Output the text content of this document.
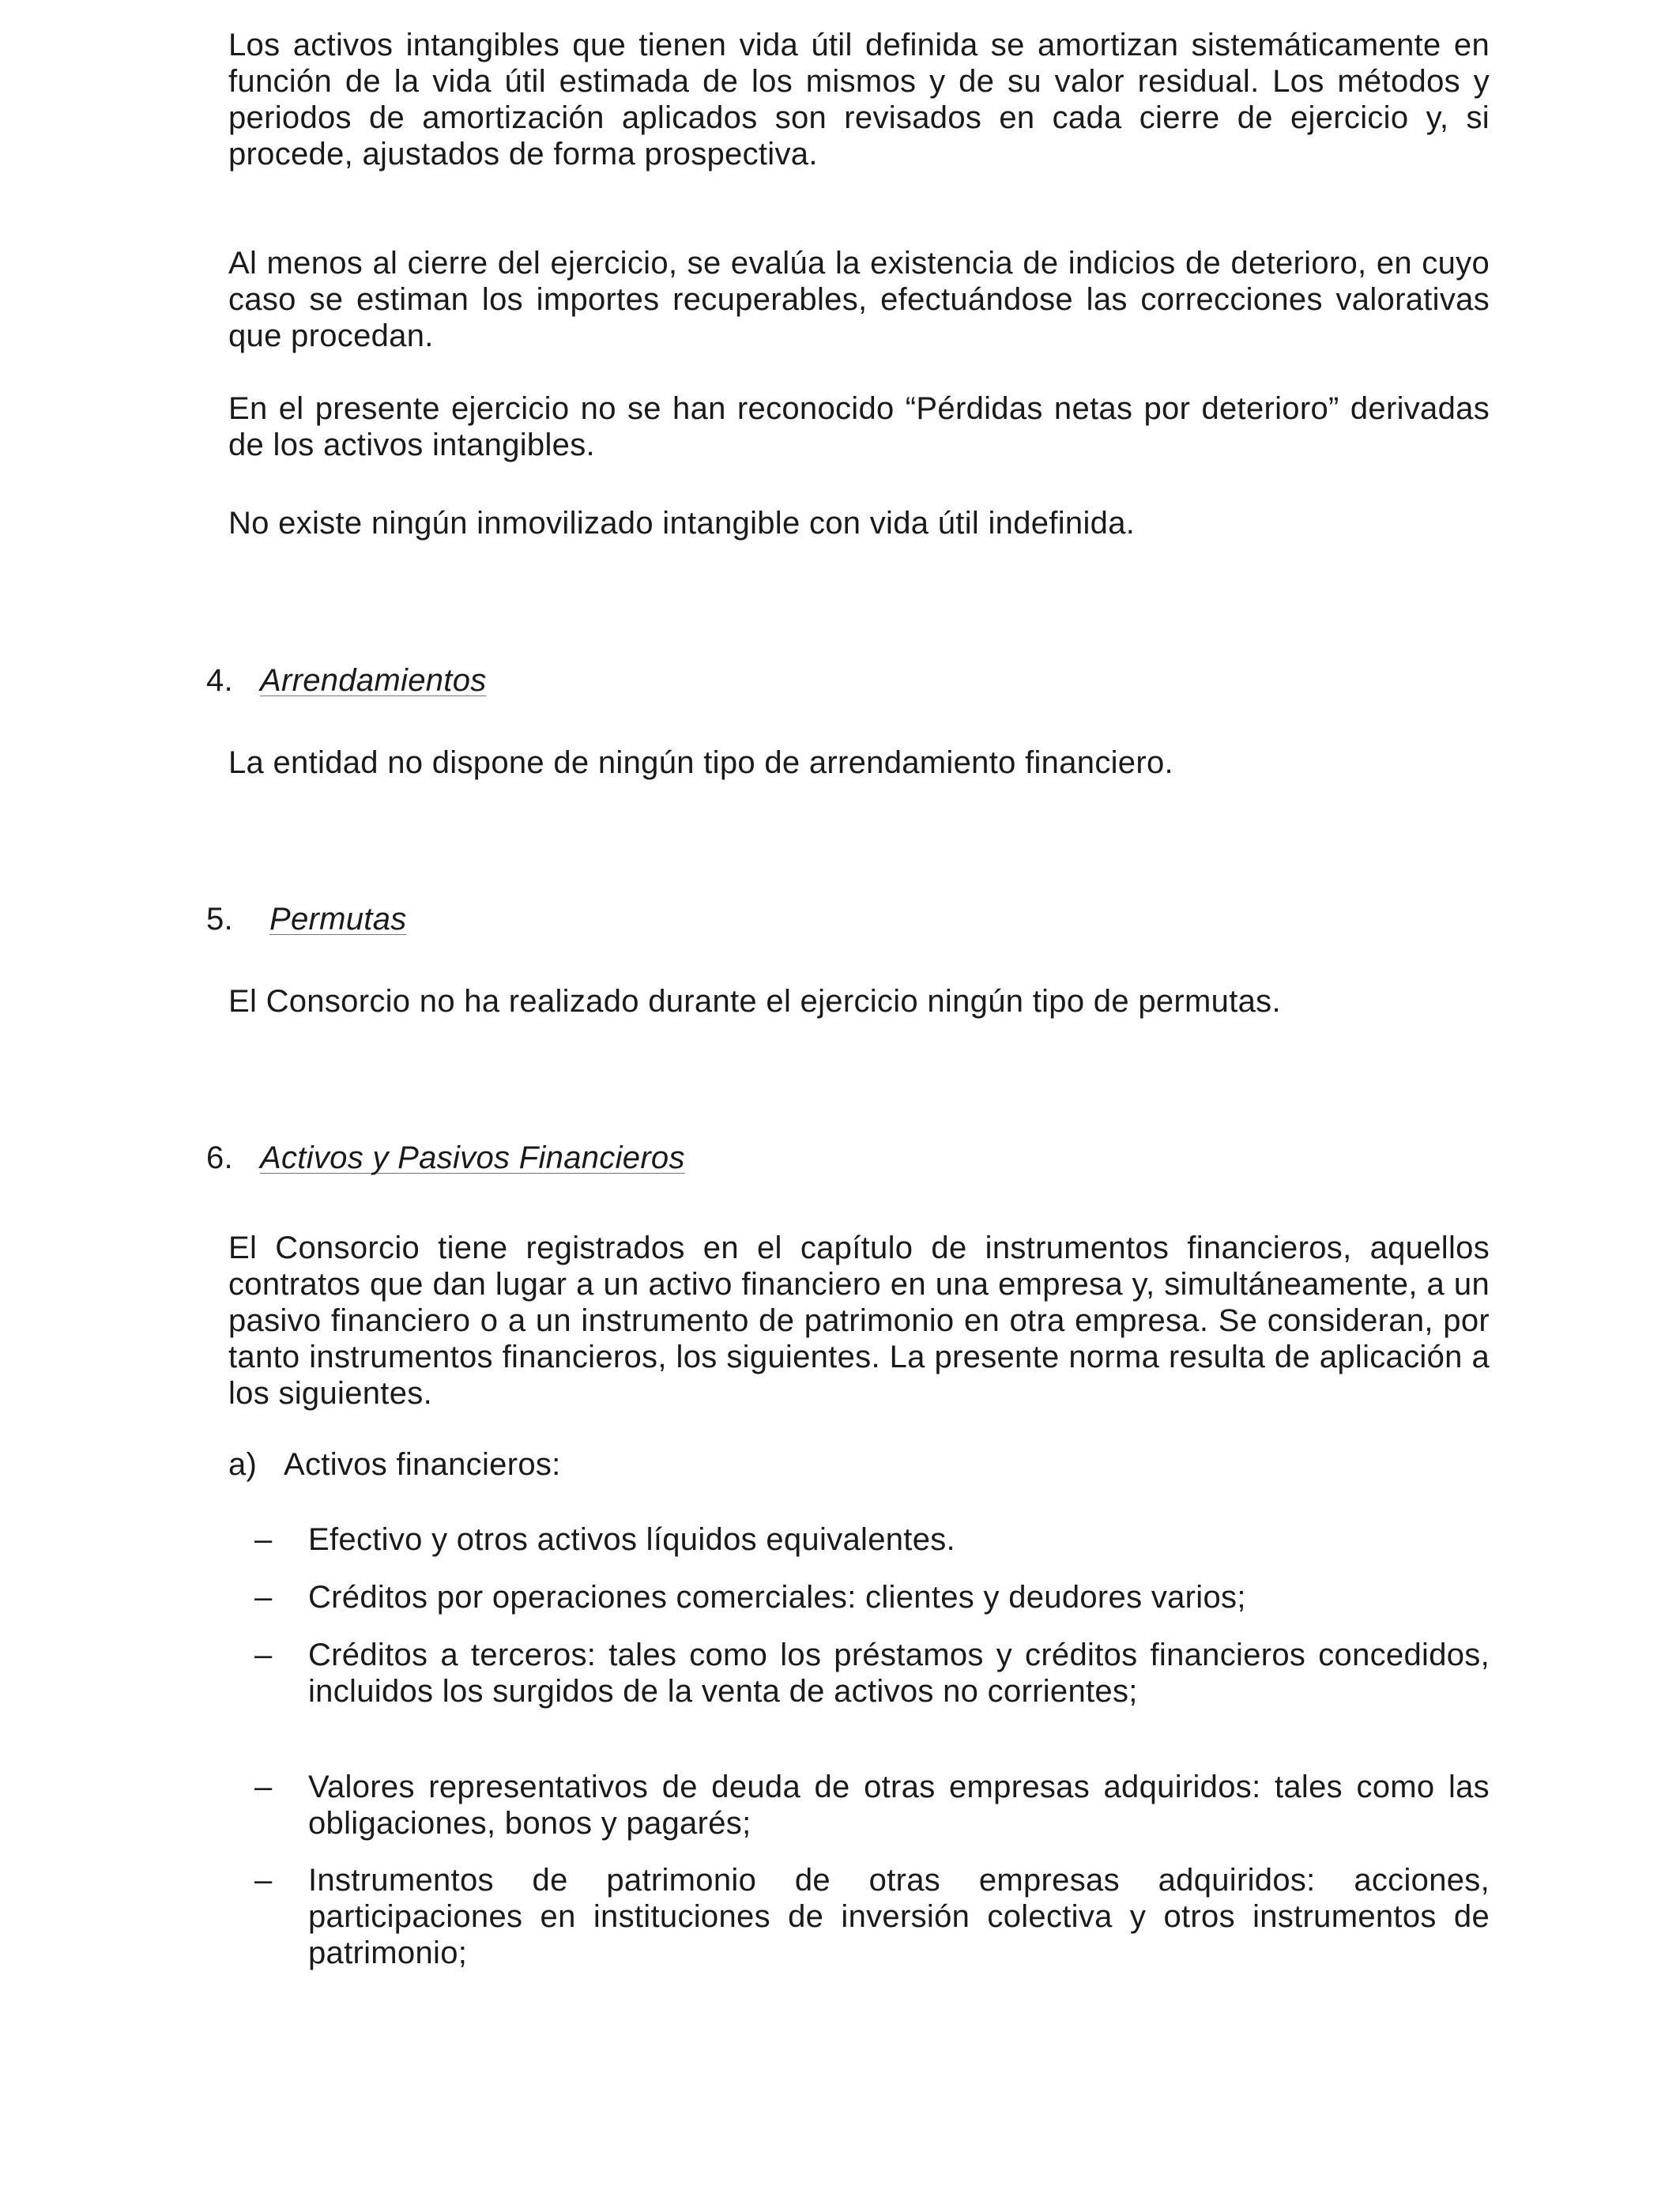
Los activos intangibles que tienen vida útil definida se amortizan sistemáticamente en función de la vida útil estimada de los mismos y de su valor residual. Los métodos y periodos de amortización aplicados son revisados en cada cierre de ejercicio y, si procede, ajustados de forma prospectiva.

Al menos al cierre del ejercicio, se evalúa la existencia de indicios de deterioro, en cuyo caso se estiman los importes recuperables, efectuándose las correcciones valorativas que procedan.

En el presente ejercicio no se han reconocido “Pérdidas netas por deterioro” derivadas de los activos intangibles.

No existe ningún inmovilizado intangible con vida útil indefinida.

4. Arrendamientos

La entidad no dispone de ningún tipo de arrendamiento financiero.

5. Permutas

El Consorcio no ha realizado durante el ejercicio ningún tipo de permutas.

6. Activos y Pasivos Financieros

El Consorcio tiene registrados en el capítulo de instrumentos financieros, aquellos contratos que dan lugar a un activo financiero en una empresa y, simultáneamente, a un pasivo financiero o a un instrumento de patrimonio en otra empresa. Se consideran, por tanto instrumentos financieros, los siguientes. La presente norma resulta de aplicación a los siguientes.

a) Activos financieros:
– Efectivo y otros activos líquidos equivalentes.
– Créditos por operaciones comerciales: clientes y deudores varios;
– Créditos a terceros: tales como los préstamos y créditos financieros concedidos, incluidos los surgidos de la venta de activos no corrientes;
– Valores representativos de deuda de otras empresas adquiridos: tales como las obligaciones, bonos y pagarés;
– Instrumentos de patrimonio de otras empresas adquiridos: acciones, participaciones en instituciones de inversión colectiva y otros instrumentos de patrimonio;
